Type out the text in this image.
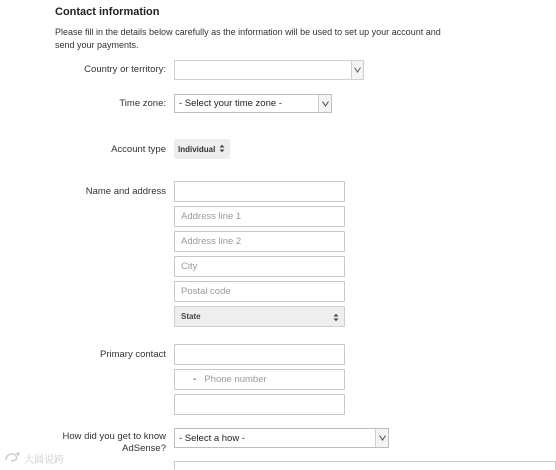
Contact information
Please fill in the details below carefully as the information will be used to set up your account and send your payments.
Country or territory:
Time zone: - Select your time zone -
Account type Individual
Name and address
Address line 1
Address line 2
City
Postal code
State
Primary contact
- Phone number
How did you get to know
AdSense?
- Select a how -
大圆说跨
